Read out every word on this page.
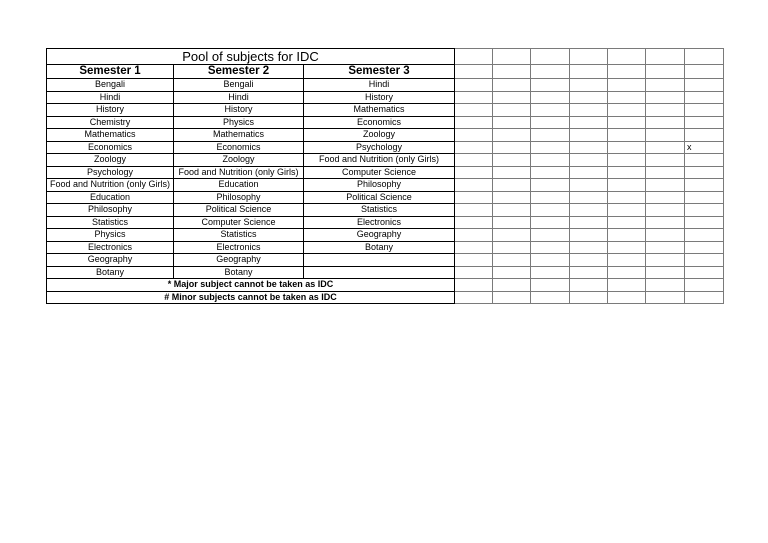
Pool of subjects for IDC									
Semester 1	Semester 2	Semester 3							
Bengali	Bengali	Hindi							
Hindi	Hindi	History							
History	History	Mathematics							
Chemistry	Physics	Economics							
Mathematics	Mathematics	Zoology							
Economics	Economics	Psychology							x
Zoology	Zoology	Food and Nutrition (only Girls)							
Psychology	Food and Nutrition (only Girls)	Computer Science							
Food and Nutrition (only Girls)	Education	Philosophy							
Education	Philosophy	Political Science							
Philosophy	Political Science	Statistics							
Statistics	Computer Science	Electronics							
Physics	Statistics	Geography							
Electronics	Electronics	Botany							
Geography	Geography								
Botany	Botany								
* Major subject cannot be taken as IDC									
# Minor subjects cannot be taken as IDC									
